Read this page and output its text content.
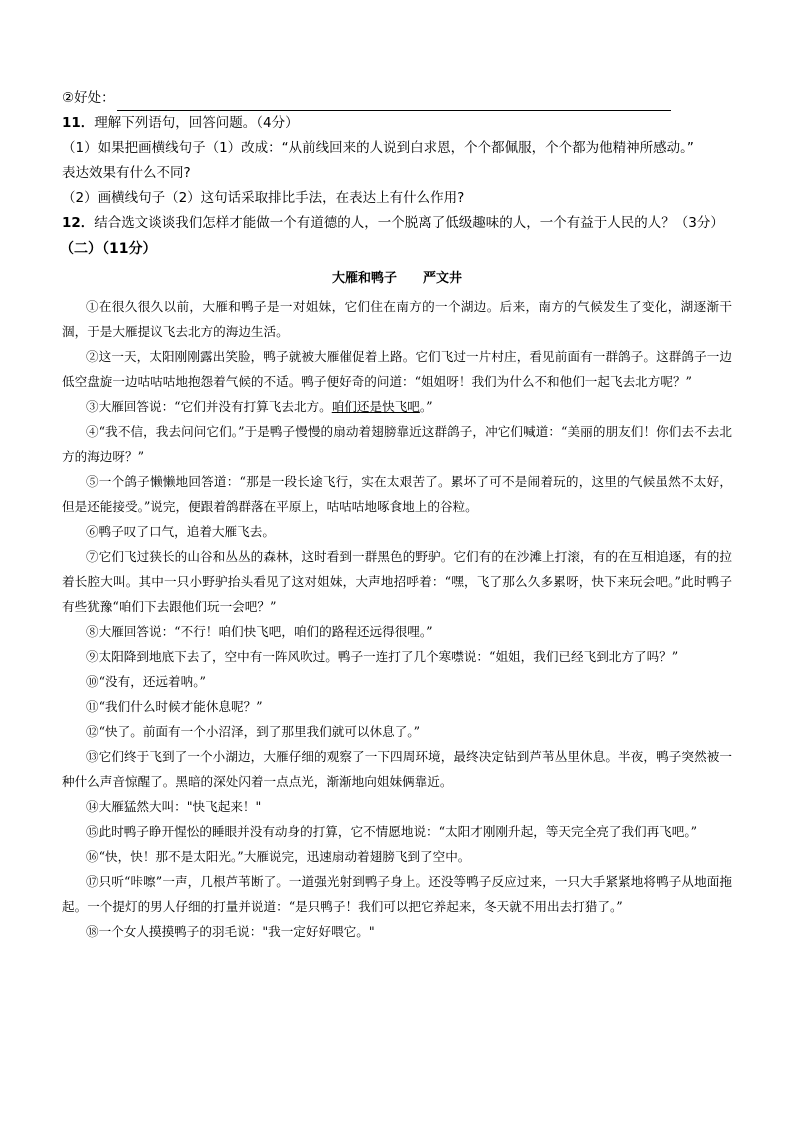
②好处：
11．理解下列语句，回答问题。（4分）
（1）如果把画横线句子（1）改成：“从前线回来的人说到白求恩，个个都佩服，个个都为他精神所感动。”
表达效果有什么不同?
（2）画横线句子（2）这句话采取排比手法，在表达上有什么作用?
12．结合选文谈谈我们怎样才能做一个有道德的人，一个脱离了低级趣味的人，一个有益于人民的人？（3分）
（二）（11分）
大雁和鸭子 严文井
①在很久很久以前，大雁和鸭子是一对姐妹，它们住在南方的一个湖边。后来，南方的气候发生了变化，湖逐渐干涸，于是大雁提议飞去北方的海边生活。
②这一天，太阳刚刚露出笑脸，鸭子就被大雁催促着上路。它们飞过一片村庄，看见前面有一群鸽子。这群鸽子一边低空盘旋一边咕咕咕地抱怨着气候的不适。鸭子便好奇的问道：“姐姐呀！我们为什么不和他们一起飞去北方呢？”
③大雁回答说：“它们并没有打算飞去北方。咱们还是快飞吧。”
④“我不信，我去问问它们。”于是鸭子慢慢的扇动着翅膀靠近这群鸽子，冲它们喊道：“美丽的朋友们！你们去不去北方的海边呀？”
⑤一个鸽子懒懒地回答道：“那是一段长途飞行，实在太艰苦了。累坏了可不是闹着玩的，这里的气候虽然不太好，但是还能接受。”说完，便跟着鸽群落在平原上，咕咕咕地啄食地上的谷粒。
⑥鸭子叹了口气，追着大雁飞去。
⑦它们飞过狭长的山谷和丛丛的森林，这时看到一群黑色的野驴。它们有的在沙滩上打滚，有的在互相追逐，有的拉着长腔大叫。其中一只小野驴抬头看见了这对姐妹，大声地招呼着：“嘿，飞了那么久多累呀，快下来玩会吧。”此时鸭子有些犹豫“咱们下去跟他们玩一会吧？”
⑧大雁回答说：“不行！咱们快飞吧，咱们的路程还远得很哩。”
⑨太阳降到地底下去了，空中有一阵风吹过。鸭子一连打了几个寒噤说：“姐姐，我们已经飞到北方了吗？”
⑩“没有，还远着呐。”
⑪“我们什么时候才能休息呢？”
⑫“快了。前面有一个小沼泽，到了那里我们就可以休息了。”
⑬它们终于飞到了一个小湖边，大雁仔细的观察了一下四周环境，最终决定钻到芦苇丛里休息。半夜，鸭子突然被一种什么声音惊醒了。黑暗的深处闪着一点点光，渐渐地向姐妹俩靠近。
⑭大雁猛然大叫："快飞起来！"
⑮此时鸭子睁开惺忪的睡眼并没有动身的打算，它不情愿地说：“太阳才刚刚升起，等天完全亮了我们再飞吧。”
⑯“快，快！那不是太阳光。”大雁说完，迅速扇动着翅膀飞到了空中。
⑰只听“咔嚓”一声，几根芦苇断了。一道强光射到鸭子身上。还没等鸭子反应过来，一只大手紧紧地将鸭子从地面拖起。一个提灯的男人仔细的打量并说道：“是只鸭子！我们可以把它养起来，冬天就不用出去打猎了。”
⑱一个女人摸摸鸭子的羽毛说："我一定好好喂它。"
